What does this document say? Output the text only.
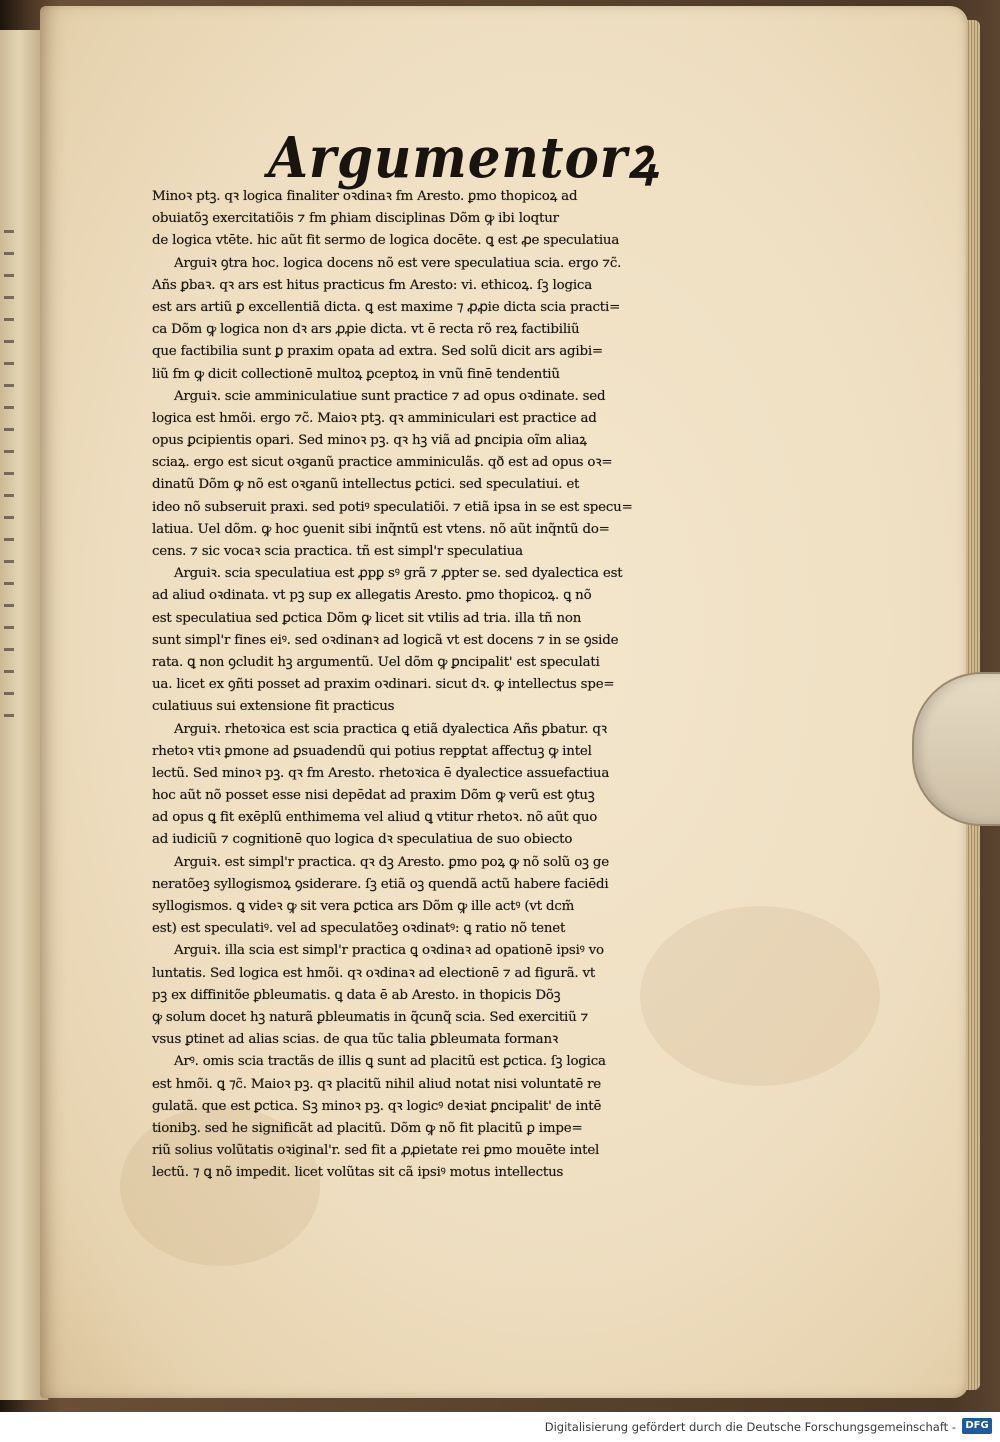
Argumentorꝝ
Minoꝛ ptꝫ. qꝛ logica finaliter oꝛdinaꝛ fm Aresto. ꝑmo thopicoꝝ ad
obuiatõꝫ exercitatiõis ⁊ fm ꝑhiam disciplinas Dõm ꝙ ibi loqtur
de logica vtēte. hic aũt fit sermo de logica docēte. ꝗ est ꝓe speculatiua
Arguiꝛ ꝯtra hoc. logica docens nõ est vere speculatiua scia. ergo ⁊c̃.
Añs ꝑbaꝛ. qꝛ ars est hitus practicus fm Aresto: vi. ethicoꝝ. ſꝫ logica
est ars artiũ ꝑ excellentiã dicta. ꝗ est maxime ⁊ ꝓꝓie dicta scia practi=
ca Dõm ꝙ logica non dꝛ ars ꝓꝓie dicta. vt ē recta rõ reꝝ factibiliũ
que factibilia sunt ꝑ praxim opata ad extra. Sed solũ dicit ars agibi=
liũ fm ꝙ dicit collectionē multoꝝ ꝑceptoꝝ in vnũ finē tendentiũ
Arguiꝛ. scie amminiculatiue sunt practice ⁊ ad opus oꝛdinate. sed
logica est hmõi. ergo ⁊c̃. Maioꝛ ptꝫ. qꝛ amminiculari est practice ad
opus ꝑcipientis opari. Sed minoꝛ pꝫ. qꝛ hꝫ viã ad ꝑncipia oĩm aliaꝝ
sciaꝝ. ergo est sicut oꝛganũ practice amminiculãs. qð est ad opus oꝛ=
dinatũ Dõm ꝙ nõ est oꝛganũ intellectus ꝑctici. sed speculatiui. et
ideo nõ subseruit praxi. sed potiꝰ speculatiõi. ⁊ etiã ipsa in se est specu=
latiua. Uel dõm. ꝙ hoc ꝯuenit sibi inq̃ntũ est vtens. nõ aũt inq̃ntũ do=
cens. ⁊ sic vocaꝛ scia practica. tñ est simpl'r speculatiua
Arguiꝛ. scia speculatiua est ꝓpꝑ sꝰ grã ⁊ ꝓpter se. sed dyalectica est
ad aliud oꝛdinata. vt pꝫ sup ex allegatis Aresto. ꝑmo thopicoꝝ. ꝗ nõ
est speculatiua sed ꝑctica Dõm ꝙ licet sit vtilis ad tria. illa tñ non
sunt simpl'r fines eiꝰ. sed oꝛdinanꝛ ad logicã vt est docens ⁊ in se ꝯside
rata. ꝗ non ꝯcludit hꝫ argumentũ. Uel dõm ꝙ ꝑncipalit' est speculati
ua. licet ex ꝯñti posset ad praxim oꝛdinari. sicut dꝛ. ꝙ intellectus spe=
culatiuus sui extensione fit practicus
Arguiꝛ. rhetoꝛica est scia practica ꝗ etiã dyalectica Añs ꝑbatur. qꝛ
rhetoꝛ vtiꝛ ꝑmone ad ꝑsuadendũ qui potius repꝑtat affectuꝫ ꝙ intel
lectũ. Sed minoꝛ pꝫ. qꝛ fm Aresto. rhetoꝛica ē dyalectice assuefactiua
hoc aũt nõ posset esse nisi depēdat ad praxim Dõm ꝙ verũ est ꝯtuꝫ
ad opus ꝗ fit exēplũ enthimema vel aliud ꝗ vtitur rhetoꝛ. nõ aũt quo
ad iudiciũ ⁊ cognitionē quo logica dꝛ speculatiua de suo obiecto
Arguiꝛ. est simpl'r practica. qꝛ dꝫ Aresto. ꝑmo poꝝ ꝙ nõ solũ oꝫ ge
neratõeꝫ syllogismoꝝ ꝯsiderare. ſꝫ etiã oꝫ quendã actũ habere faciēdi
syllogismos. ꝗ videꝛ ꝙ sit vera ꝑctica ars Dõm ꝙ ille actꝰ (vt dcm̃
est) est speculatiꝰ. vel ad speculatõeꝫ oꝛdinatꝰ: ꝗ ratio nõ tenet
Arguiꝛ. illa scia est simpl'r practica ꝗ oꝛdinaꝛ ad opationē ipsiꝰ vo
luntatis. Sed logica est hmõi. qꝛ oꝛdinaꝛ ad electionē ⁊ ad figurã. vt
pꝫ ex diffinitõe ꝑbleumatis. ꝗ data ē ab Aresto. in thopicis Dõꝫ
ꝙ solum docet hꝫ naturã ꝑbleumatis in q̃cunq̃ scia. Sed exercitiũ ⁊
vsus ꝑtinet ad alias scias. de qua tũc talia ꝑbleumata formanꝛ
Arꝰ. omis scia tractãs de illis ꝗ sunt ad placitũ est ꝑctica. ſꝫ logica
est hmõi. ꝗ ⁊c̃. Maioꝛ pꝫ. qꝛ placitũ nihil aliud notat nisi voluntatē re
gulatã. que est ꝑctica. Sꝫ minoꝛ pꝫ. qꝛ logicꝰ deꝛiat ꝑncipalit' de intē
tionibꝫ. sed he significãt ad placitũ. Dõm ꝙ nõ fit placitũ ꝑ impe=
riũ solius volũtatis oꝛiginal'r. sed fit a ꝓꝓietate rei ꝑmo mouēte intel
lectũ. ⁊ ꝗ nõ impedit. licet volũtas sit cã ipsiꝰ motus intellectus
Digitalisierung gefördert durch die Deutsche Forschungsgemeinschaft - DFG
